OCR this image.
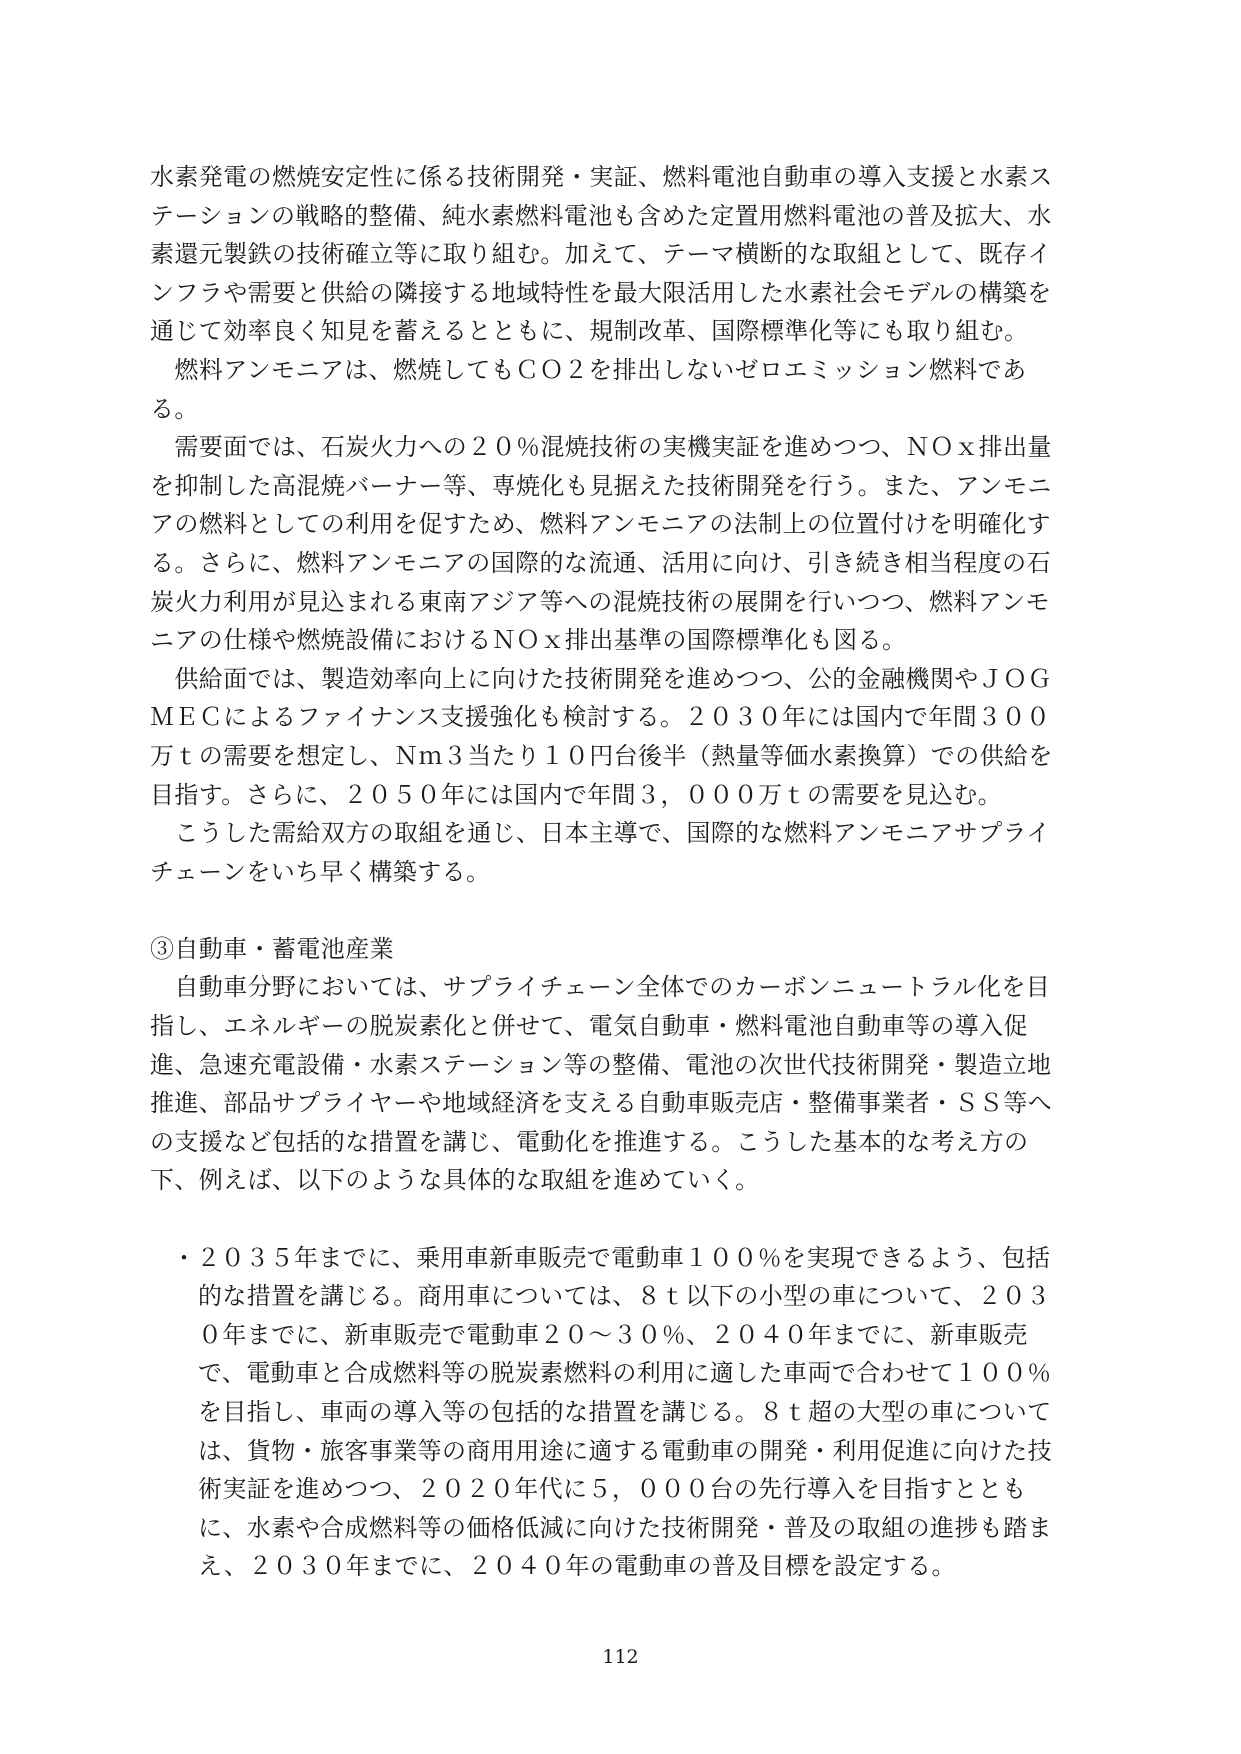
水素発電の燃焼安定性に係る技術開発・実証、燃料電池自動車の導入支援と水素ス
テーションの戦略的整備、純水素燃料電池も含めた定置用燃料電池の普及拡大、水
素還元製鉄の技術確立等に取り組む。加えて、テーマ横断的な取組として、既存イ
ンフラや需要と供給の隣接する地域特性を最大限活用した水素社会モデルの構築を
通じて効率良く知見を蓄えるとともに、規制改革、国際標準化等にも取り組む。
　燃料アンモニアは、燃焼してもＣＯ２を排出しないゼロエミッション燃料であ
る。
　需要面では、石炭火力への２０％混焼技術の実機実証を進めつつ、ＮＯｘ排出量
を抑制した高混焼バーナー等、専焼化も見据えた技術開発を行う。また、アンモニ
アの燃料としての利用を促すため、燃料アンモニアの法制上の位置付けを明確化す
る。さらに、燃料アンモニアの国際的な流通、活用に向け、引き続き相当程度の石
炭火力利用が見込まれる東南アジア等への混焼技術の展開を行いつつ、燃料アンモ
ニアの仕様や燃焼設備におけるＮＯｘ排出基準の国際標準化も図る。
　供給面では、製造効率向上に向けた技術開発を進めつつ、公的金融機関やＪＯＧ
ＭＥＣによるファイナンス支援強化も検討する。２０３０年には国内で年間３００
万ｔの需要を想定し、Ｎｍ３当たり１０円台後半（熱量等価水素換算）での供給を
目指す。さらに、２０５０年には国内で年間３，０００万ｔの需要を見込む。
　こうした需給双方の取組を通じ、日本主導で、国際的な燃料アンモニアサプライ
チェーンをいち早く構築する。
③自動車・蓄電池産業
　自動車分野においては、サプライチェーン全体でのカーボンニュートラル化を目
指し、エネルギーの脱炭素化と併せて、電気自動車・燃料電池自動車等の導入促
進、急速充電設備・水素ステーション等の整備、電池の次世代技術開発・製造立地
推進、部品サプライヤーや地域経済を支える自動車販売店・整備事業者・ＳＳ等へ
の支援など包括的な措置を講じ、電動化を推進する。こうした基本的な考え方の
下、例えば、以下のような具体的な取組を進めていく。
・２０３５年までに、乗用車新車販売で電動車１００％を実現できるよう、包括
的な措置を講じる。商用車については、８ｔ以下の小型の車について、２０３
０年までに、新車販売で電動車２０～３０％、２０４０年までに、新車販売
で、電動車と合成燃料等の脱炭素燃料の利用に適した車両で合わせて１００％
を目指し、車両の導入等の包括的な措置を講じる。８ｔ超の大型の車について
は、貨物・旅客事業等の商用用途に適する電動車の開発・利用促進に向けた技
術実証を進めつつ、２０２０年代に５，０００台の先行導入を目指すととも
に、水素や合成燃料等の価格低減に向けた技術開発・普及の取組の進捗も踏ま
え、２０３０年までに、２０４０年の電動車の普及目標を設定する。
112
